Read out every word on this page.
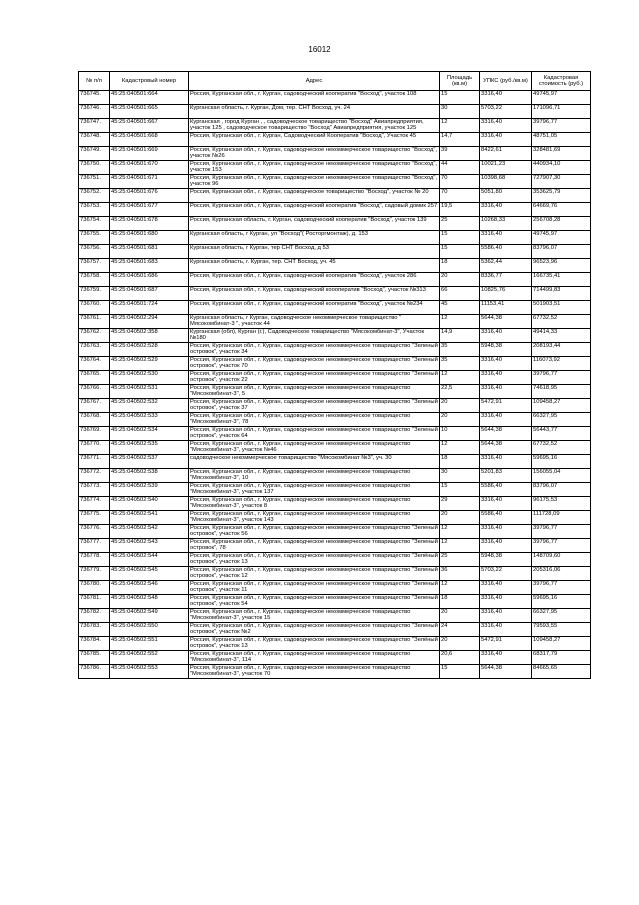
16012
№ п/п	Кадастровый номер	Адрес	Площадь (кв.м)	УПКС (руб./кв.м)	Кадастровая стоимость (руб.)
736745.	45:25:040501:664	Россия, Курганская обл., г. Курган, садоводческий кооператив "Восход", участок 108	15	3316,40	49745,97
736746.	45:25:040501:665	Курганская область, г. Курган, Дом, тер. СНТ Восход, уч. 24	30	5703,22	171096,71
736747.	45:25:040501:667	Курганская , город Курган , , садоводческое товарищество "Восход" Авиапредприятия, участок 125 , садоводческое товарищество "Восход" Авиапредприятия, участок 125	12	3316,40	39796,77
736748.	45:25:040501:668	Россия, Курганская обл., г. Курган, Садоводческий Кооператив "Восход", Участок 45	14,7	3316,40	48751,05
736749.	45:25:040501:669	Россия, Курганская обл., г. Курган, садоводческое некоммерческое товарищество "Восход", участок №26	39	8422,61	328481,69
736750.	45:25:040501:670	Россия, Курганская обл., г. Курган, садоводческое некоммерческое товарищество "Восход", участок 153	44	10021,23	440934,10
736751.	45:25:040501:671	Россия, Курганская обл., г. Курган, садоводческое некоммерческое товарищество "Восход", участок 96	70	10398,68	727907,30
736752.	45:25:040501:676	Россия, Курганская обл., г. Курган, садоводческое товарищество "Восход", участок № 20	70	5051,80	353625,79
736753.	45:25:040501:677	Россия, Курганская обл., г. Курган, садоводческий кооператив "Восход", садовый домик 257	19,5	3316,40	64669,76
736754.	45:25:040501:678	Россия, Курганская область, г. Курган, садоводческий кооператив "Восход", участок 139	25	10268,33	256708,28
736755.	45:25:040501:680	Курганская область, г Курган, ул "Восход"( Росторгмонтаж), д. 153	15	3316,40	49745,97
736756.	45:25:040501:681	Курганская область, г Курган, тер СНТ Восход, д 53	15	5586,40	83796,07
736757.	45:25:040501:683	Курганская область, г. Курган, тер. СНТ Восход, уч. 45	18	5362,44	96523,96
736758.	45:25:040501:686	Россия, Курганская обл., г. Курган, садоводческий кооператив "Восход", участок 286	20	8336,77	166735,41
736759.	45:25:040501:687	Россия, Курганская обл., г. Курган, садоводческий коооператив "Восход", участок №313	66	10825,76	714499,83
736760.	45:25:040501:724	Россия, Курганская обл., г. Курган, садоводческий кооператив "Восход", участок №234	45	11153,41	501903,51
736761.	45:25:040502:294	Курганская область, г Курган, садоводческое некоммерческое товарищество " Мясокомбинат-3 ", участок 44	12	5644,38	67732,52
736762.	45:25:040502:358	Курганская (обл), Курган (г.), Садоводческое товарищество "Мясокомбинат-3", Участок №180	14,9	3316,40	49414,33
736763.	45:25:040502:528	Россия, Курганская обл., г. Курган, садоводческое некоммерческое товарищество "Зеленый островок", участок 34	35	5948,38	208193,44
736764.	45:25:040502:529	Россия, Курганская обл., г. Курган, садоводческое некоммерческое товарищество "Зеленый островок", участок 70	35	3316,40	116073,92
736765.	45:25:040502:530	Россия, Курганская обл., г. Курган, садоводческое некоммерческое товарищество "Зеленый островок", участок 22	12	3316,40	39796,77
736766.	45:25:040502:531	Россия, Курганская обл., г. Курган, садоводческое некоммерческое товарищество "Мясокомбинат-3", 5	22,5	3316,40	74618,95
736767.	45:25:040502:532	Россия, Курганская обл., г. Курган, садоводческое некоммерческое товарищество "Зеленый островок", участок 37	20	5472,91	109458,27
736768.	45:25:040502:533	Россия, Курганская обл., г. Курган, садоводческое некоммерческое товарищество "Мясокомбинат-3", 78	20	3316,40	66327,95
736769.	45:25:040502:534	Россия, Курганская обл., г. Курган, садоводческое некоммерческое товарищество "Зеленый островок", участок 64	10	5644,38	56443,77
736770.	45:25:040502:535	Россия, Курганская обл., г. Курган, садоводческое некоммерческое товарищество "Мясокомбинат-3", участок №46	12	5644,38	67732,52
736771.	45:25:040502:537	садоводческое некоммерческое товарищество "Мясокомбинат №3", уч. 30	18	3316,40	59695,16
736772.	45:25:040502:538	Россия, Курганская обл., г. Курган, садоводческое некоммерческое товарищество "Мясокомбинат-3", 10	30	5201,83	156055,04
736773.	45:25:040502:539	Россия, Курганская обл., г. Курган, садоводческое некоммерческое товарищество "Мясокомбинат-3", участок 137	15	5586,40	83796,07
736774.	45:25:040502:540	Россия, Курганская обл., г. Курган, садоводческое некоммерческое товарищество "Мясокомбинат-3", участок 8	29	3316,40	96175,53
736775.	45:25:040502:541	Россия, Курганская обл., г. Курган, садоводческое некоммерческое товарищество "Мясокомбинат-3", участок 143	20	5586,40	111728,09
736776.	45:25:040502:542	Россия, Курганская обл., г. Курган, садоводческое некоммерческое товарищество "Зеленый островок", участок 56	12	3316,40	39796,77
736777.	45:25:040502:543	Россия, Курганская обл., г. Курган, садоводческое некоммерческое товарищество "Зеленый островок", 78	12	3316,40	39796,77
736778.	45:25:040502:544	Россия, Курганская обл., г. Курган, садоводческое некоммерческое товарищество "Зелёный островок", участок 13	25	5948,38	148709,60
736779.	45:25:040502:545	Россия, Курганская обл., г. Курган, садоводческое некоммерческое товарищество "Зеленый островок", участок 12	36	5703,22	205316,06
736780.	45:25:040502:546	Россия, Курганская обл., г. Курган, садоводческое некоммерческое товарищество "Зеленый островок", участок 11	12	3316,40	39796,77
736781.	45:25:040502:548	Россия, Курганская обл., г. Курган, садоводческое некоммерческое товарищество "Зеленый островок", участок 54	18	3316,40	59695,16
736782.	45:25:040502:549	Россия, Курганская обл., г. Курган, садоводческое некоммерческое товарищество "Мясокомбинат-3", участок 15	20	3316,40	66327,95
736783.	45:25:040502:550	Россия, Курганская обл., г. Курган, садоводческое некоммерческое товарищество "Зеленый островок", участок №2	24	3316,40	79593,55
736784.	45:25:040502:551	Россия, Курганская обл., г. Курган, садоводческое некоммерческое товарищество "Зелёный островок", участок 13	20	5472,91	109458,27
736785.	45:25:040502:552	Россия, Курганская обл., г. Курган, садоводческое некоммерческое товарищество "Мясокомбинат-3", 114	20,6	3316,40	68317,79
736786.	45:25:040502:553	Россия, Курганская обл., г. Курган, садоводческое некоммерческое товарищество "Мясокомбинат-3", участок 70	15	5644,38	84665,65
